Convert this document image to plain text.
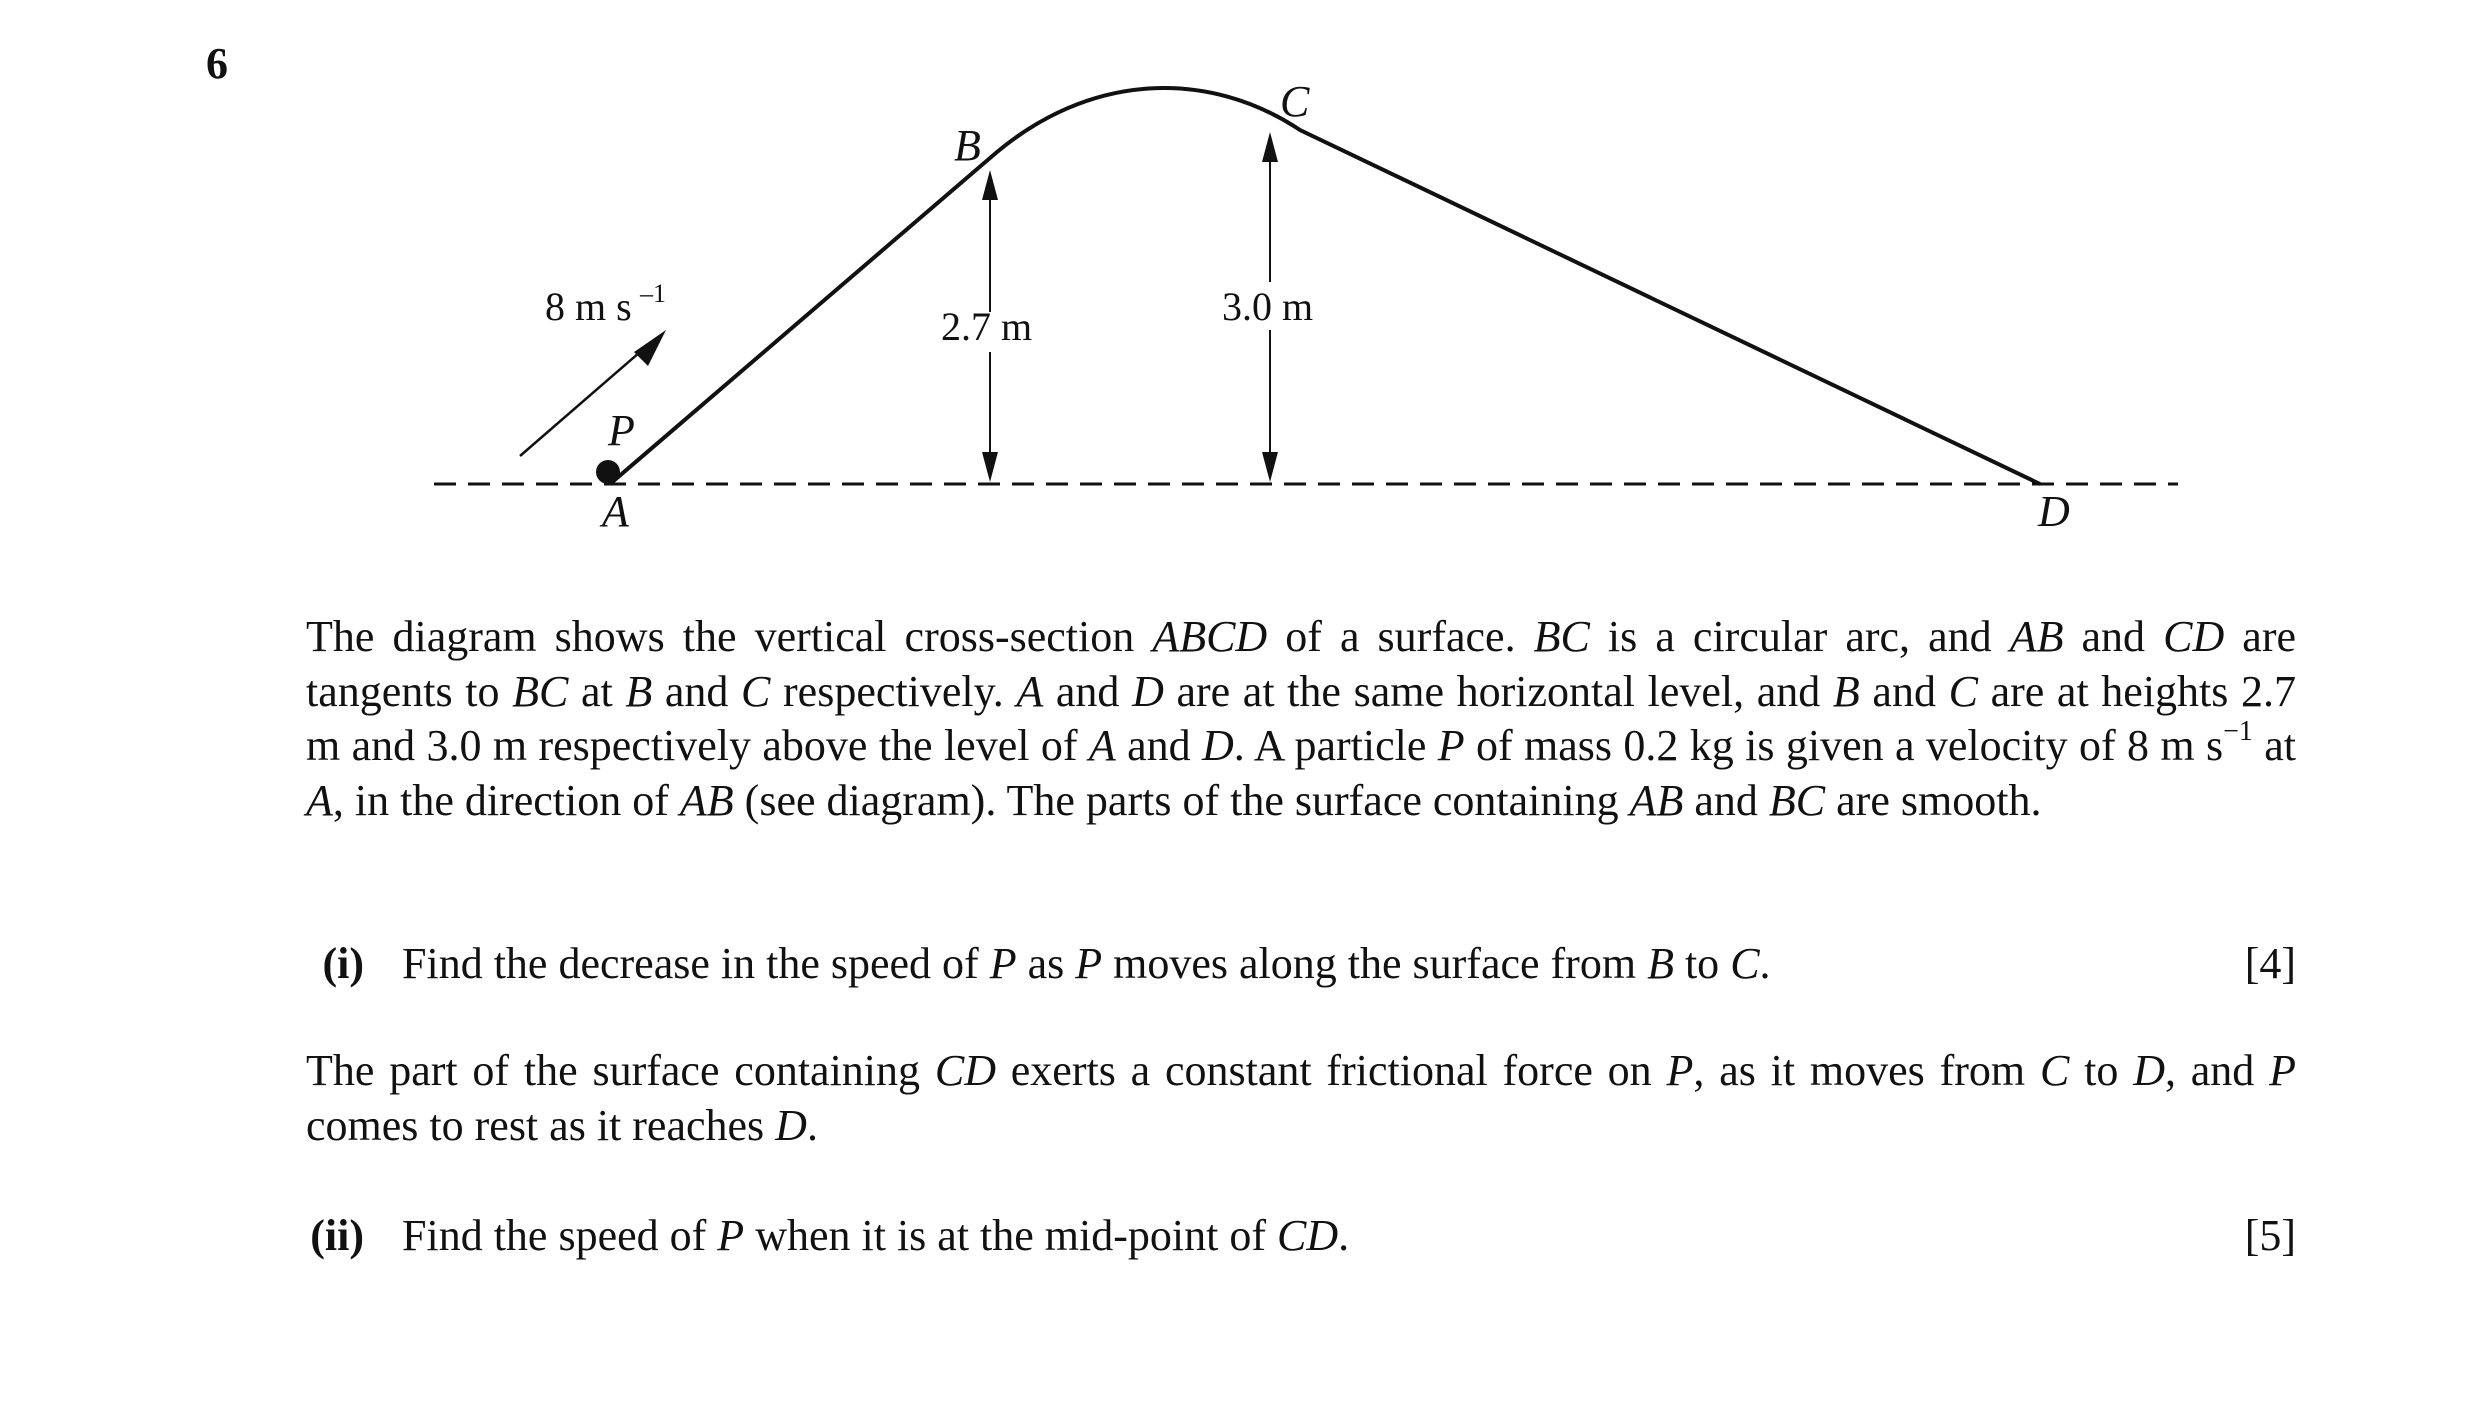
6
B
C
P
A	D
8 m s –1
2.7 m	3.0 m

The diagram shows the vertical cross-section ABCD of a surface. BC is a circular arc, and AB and CD are tangents to BC at B and C respectively. A and D are at the same horizontal level, and B and C are at heights 2.7 m and 3.0 m respectively above the level of A and D. A particle P of mass 0.2 kg is given a velocity of 8 m $s^{-1}$ at A, in the direction of AB (see diagram). The parts of the surface containing AB and BC are smooth.

(i) Find the decrease in the speed of P as P moves along the surface from B to C.	[4]

The part of the surface containing CD exerts a constant frictional force on P, as it moves from C to D, and P comes to rest as it reaches D.

(ii) Find the speed of P when it is at the mid-point of CD.	[5]
